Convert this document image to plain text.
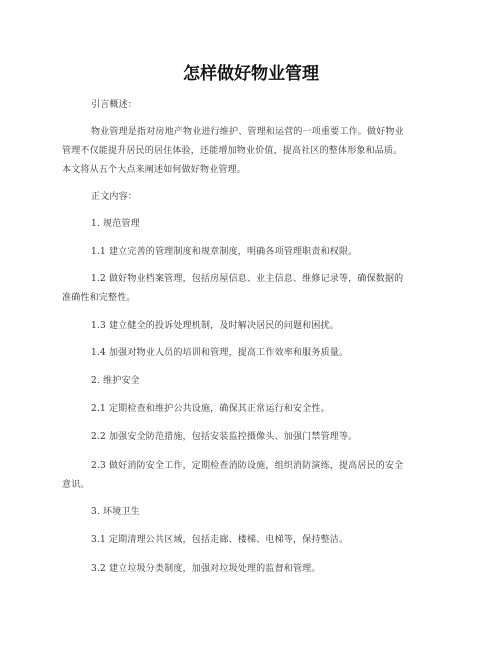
怎样做好物业管理
引言概述：
物业管理是指对房地产物业进行维护、管理和运营的一项重要工作。做好物业
管理不仅能提升居民的居住体验，还能增加物业价值，提高社区的整体形象和品质。
本文将从五个大点来阐述如何做好物业管理。
正文内容：
1. 规范管理
1.1 建立完善的管理制度和规章制度，明确各项管理职责和权限。
1.2 做好物业档案管理，包括房屋信息、业主信息、维修记录等，确保数据的
准确性和完整性。
1.3 建立健全的投诉处理机制，及时解决居民的问题和困扰。
1.4 加强对物业人员的培训和管理，提高工作效率和服务质量。
2. 维护安全
2.1 定期检查和维护公共设施，确保其正常运行和安全性。
2.2 加强安全防范措施，包括安装监控摄像头、加强门禁管理等。
2.3 做好消防安全工作，定期检查消防设施，组织消防演练，提高居民的安全
意识。
3. 环境卫生
3.1 定期清理公共区域，包括走廊、楼梯、电梯等，保持整洁。
3.2 建立垃圾分类制度，加强对垃圾处理的监督和管理。
